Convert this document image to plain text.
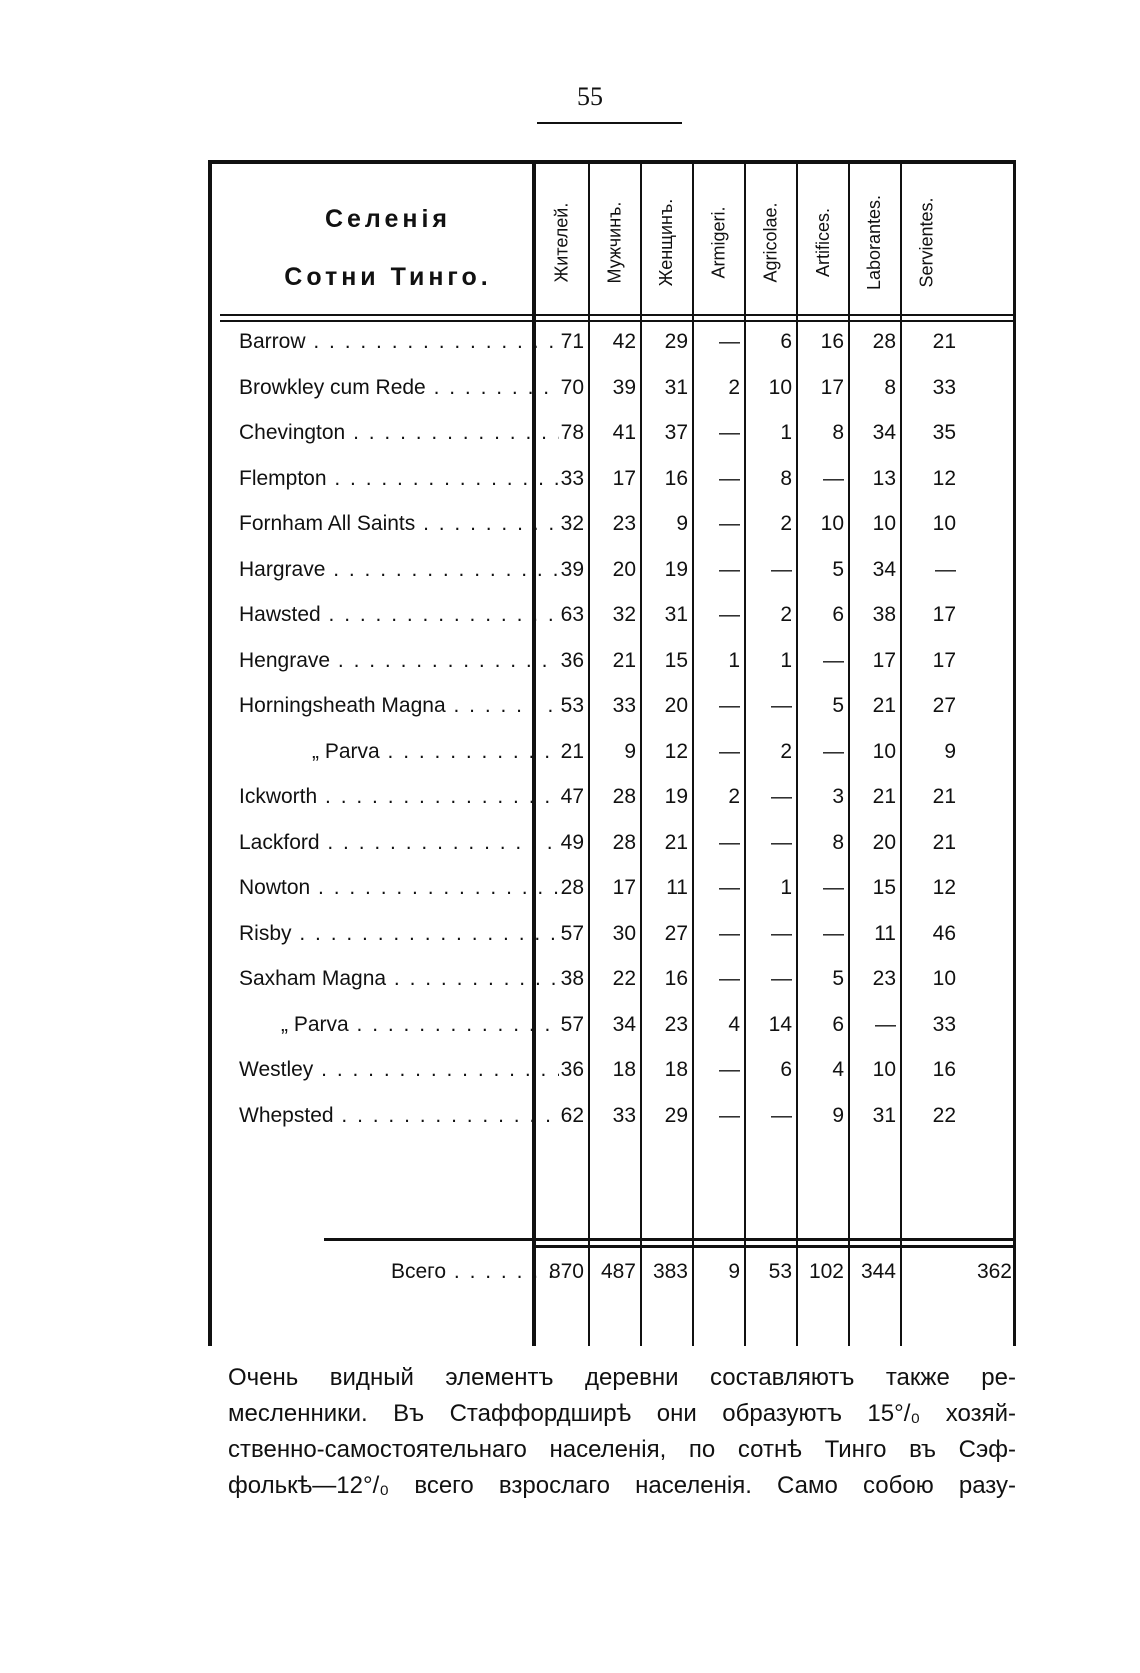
55
Селенія
Сотни Тинго.	Жителей. Мужчинъ. Женщинъ. Armigeri. Agricolae. Artifices. Laborantes. Servientes.
Barrow . . .	71	42	29	—	6	16	28	21
Browkley cum Rede . . .	70	39	31	2	10	17	8	33
Chevington . . .	78	41	37	—	1	8	34	35
Flempton . . .	33	17	16	—	8	—	13	12
Fornham All Saints . . .	32	23	9	—	2	10	10	10
Hargrave . . .	39	20	19	—	—	5	34	—
Hawsted . . .	63	32	31	—	2	6	38	17
Hengrave . . .	36	21	15	1	1	—	17	17
Horningsheath Magna . . .	53	33	20	—	—	5	21	27
„ Parva . . .	21	9	12	—	2	—	10	9
Ickworth . . .	47	28	19	2	—	3	21	21
Lackford . . .	49	28	21	—	—	8	20	21
Nowton . . .	28	17	11	—	1	—	15	12
Risby . . .	57	30	27	—	—	—	11	46
Saxham Magna . . .	38	22	16	—	—	5	23	10
„ Parva . . .	57	34	23	4	14	6	—	33
Westley . . .	36	18	18	—	6	4	10	16
Whepsted . . .	62	33	29	—	—	9	31	22
Всего . . .	870 487 383	9	53 102 344	362
Очень видный элементъ деревни составляютъ также ре-
месленники. Въ Стаффордширѣ они образуютъ 15°/₀ хозяй-
ственно-самостоятельнаго населенія, по сотнѣ Тинго въ Сэф-
фолькѣ—12°/₀ всего взрослаго населенія. Само собою разу-
